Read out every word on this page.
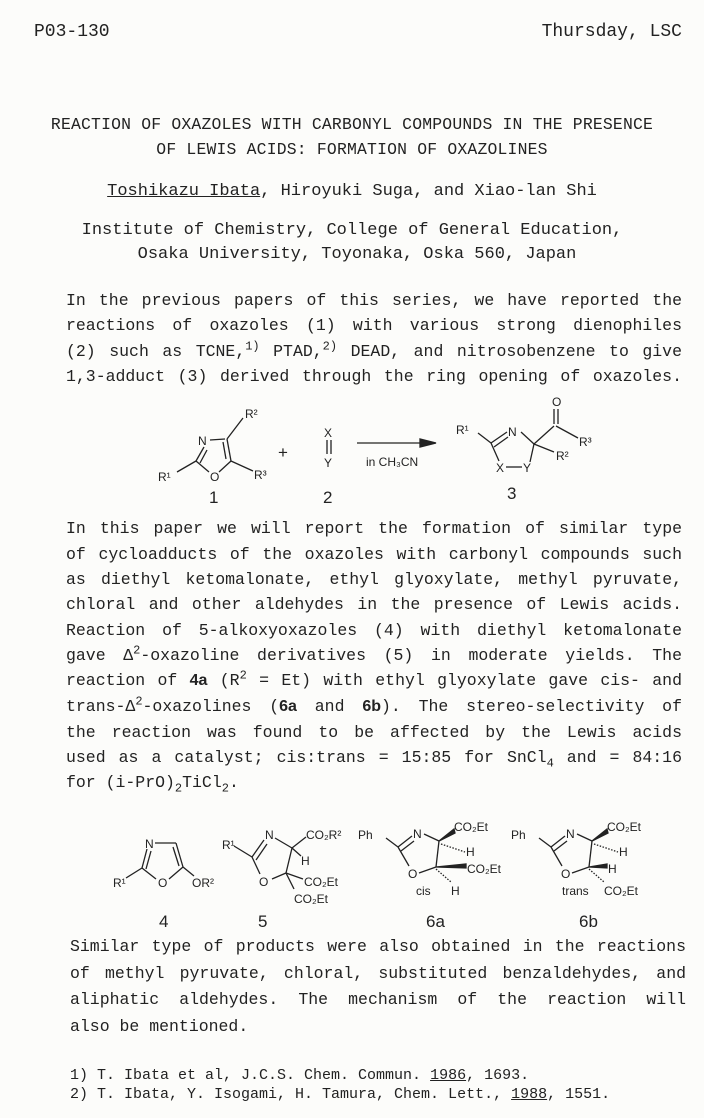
P03-130	Thursday, LSC
REACTION OF OXAZOLES WITH CARBONYL COMPOUNDS IN THE PRESENCE
OF LEWIS ACIDS: FORMATION OF OXAZOLINES
Toshikazu Ibata, Hiroyuki Suga, and Xiao-lan Shi
Institute of Chemistry, College of General Education,
Osaka University, Toyonaka, Oska 560, Japan
In the previous papers of this series, we have reported the
reactions of oxazoles (1) with various strong dienophiles
(2) such as TCNE,$^{1)}$ PTAD,$^{2)}$ DEAD, and nitrosobenzene to give
1,3-adduct (3) derived through the ring opening of oxazoles.
In this paper we will report the formation of similar type
of cycloadducts of the oxazoles with carbonyl compounds such
as diethyl ketomalonate, ethyl glyoxylate, methyl pyruvate,
chloral and other aldehydes in the presence of Lewis acids.
Reaction of 5-alkoxyoxazoles (4) with diethyl ketomalonate
gave $\Delta^2$-oxazoline derivatives (5) in moderate yields. The
reaction of 4a $(R^2 = Et)$ with ethyl glyoxylate gave cis- and
trans-$\Delta^2$-oxazolines (6a and 6b). The stereo-selectivity of
the reaction was found to be affected by the Lewis acids
used as a catalyst; cis:trans = 15:85 for SnCl$_4$ and = 84:16
for $(i-PrO)_2TiCl_2$.
Similar type of products were also obtained in the reactions
of methyl pyruvate, chloral, substituted benzaldehydes, and
aliphatic aldehydes. The mechanism of the reaction will
also be mentioned.
N
O
R²
R¹	R³
1
+
X
Y
2
in CH₃CN
R¹	N
O
R³
R²
X Y
3
N
O
R¹	OR²
4
R¹
N
O
CO₂R²
H
CO₂Et
CO₂Et
5
Ph	N
O
CO₂Et
H
CO₂Et
H
cis
6a
Ph	N
O
CO₂Et
H
H
CO₂Et
trans
6b
1) T. Ibata et al, J.C.S. Chem. Commun. 1986, 1693.
2) T. Ibata, Y. Isogami, H. Tamura, Chem. Lett., 1988, 1551.
